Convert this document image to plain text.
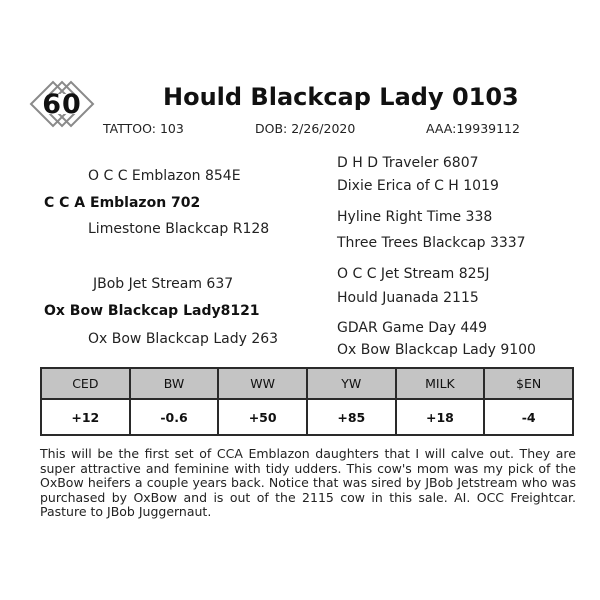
60	Hould Blackcap Lady 0103
TATTOO: 103	DOB: 2/26/2020	AAA:19939112
O C C Emblazon 854E
C C A Emblazon 702
Limestone Blackcap R128
JBob Jet Stream 637
Ox Bow Blackcap Lady8121
Ox Bow Blackcap Lady 263
D H D Traveler 6807
Dixie Erica of C H 1019
Hyline Right Time 338
Three Trees Blackcap 3337
O C C Jet Stream 825J
Hould Juanada 2115
GDAR Game Day 449
Ox Bow Blackcap Lady 9100
CED	BW	WW	YW	MILK	$EN
+12	-0.6	+50	+85	+18	-4
This will be the first set of CCA Emblazon daughters that I will calve out. They are super attractive and feminine with tidy udders. This cow's mom was my pick of the OxBow heifers a couple years back. Notice that was sired by JBob Jetstream who was purchased by OxBow and is out of the 2115 cow in this sale. AI. OCC Freightcar. Pasture to JBob Juggernaut.
